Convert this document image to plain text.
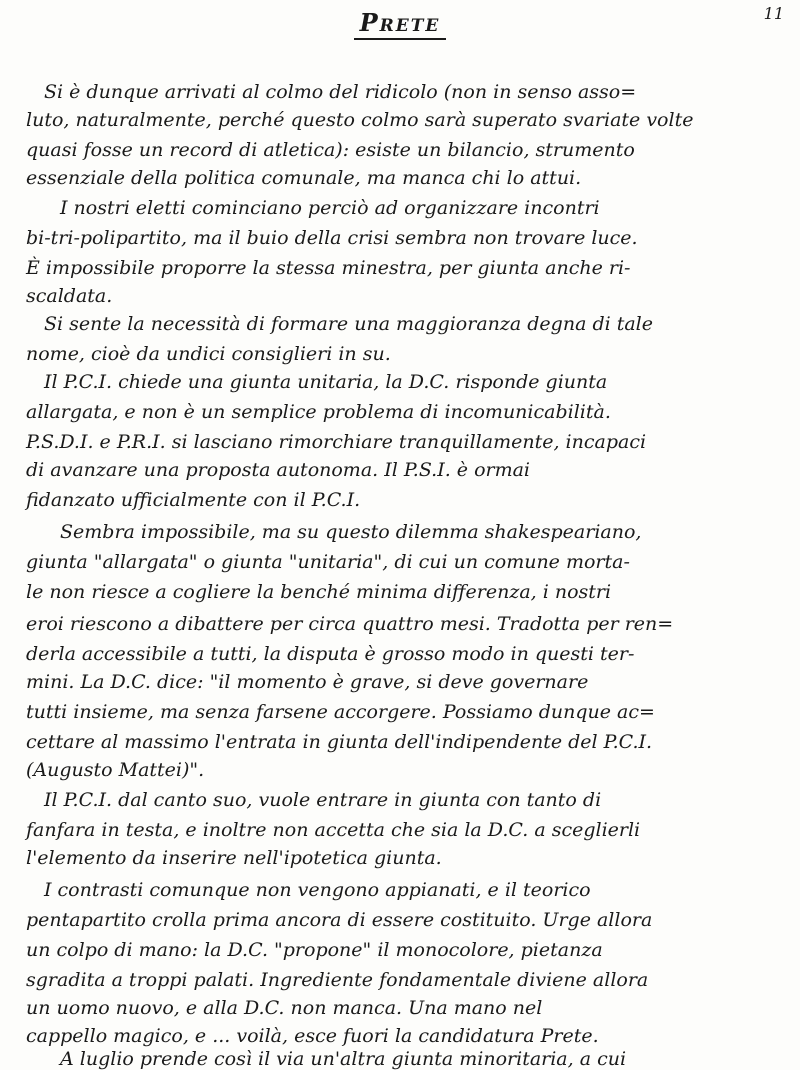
11
Prete
Si è dunque arrivati al colmo del ridicolo (non in senso asso=
luto, naturalmente, perché questo colmo sarà superato svariate volte
quasi fosse un record di atletica): esiste un bilancio, strumento
essenziale della politica comunale, ma manca chi lo attui.
I nostri eletti cominciano perciò ad organizzare incontri
bi-tri-polipartito, ma il buio della crisi sembra non trovare luce.
È impossibile proporre la stessa minestra, per giunta anche ri-
scaldata.
Si sente la necessità di formare una maggioranza degna di tale
nome, cioè da undici consiglieri in su.
Il P.C.I. chiede una giunta unitaria, la D.C. risponde giunta
allargata, e non è un semplice problema di incomunicabilità.
P.S.D.I. e P.R.I. si lasciano rimorchiare tranquillamente, incapaci
di avanzare una proposta autonoma. Il P.S.I. è ormai
fidanzato ufficialmente con il P.C.I.
Sembra impossibile, ma su questo dilemma shakespeariano,
giunta "allargata" o giunta "unitaria", di cui un comune morta-
le non riesce a cogliere la benché minima differenza, i nostri
eroi riescono a dibattere per circa quattro mesi. Tradotta per ren=
derla accessibile a tutti, la disputa è grosso modo in questi ter-
mini. La D.C. dice: "il momento è grave, si deve governare
tutti insieme, ma senza farsene accorgere. Possiamo dunque ac=
cettare al massimo l'entrata in giunta dell'indipendente del P.C.I.
(Augusto Mattei)".
Il P.C.I. dal canto suo, vuole entrare in giunta con tanto di
fanfara in testa, e inoltre non accetta che sia la D.C. a sceglierli
l'elemento da inserire nell'ipotetica giunta.
I contrasti comunque non vengono appianati, e il teorico
pentapartito crolla prima ancora di essere costituito. Urge allora
un colpo di mano: la D.C. "propone" il monocolore, pietanza
sgradita a troppi palati. Ingrediente fondamentale diviene allora
un uomo nuovo, e alla D.C. non manca. Una mano nel
cappello magico, e ... voilà, esce fuori la candidatura Prete.
A luglio prende così il via un'altra giunta minoritaria, a cui
